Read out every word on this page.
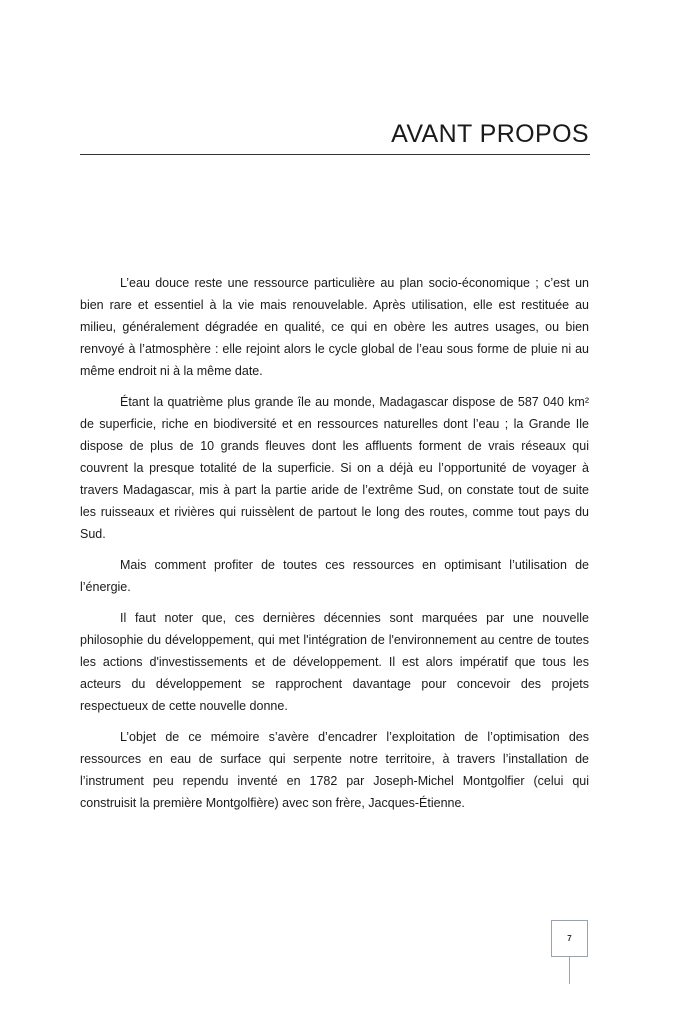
AVANT PROPOS

L’eau douce reste une ressource particulière au plan socio-économique ; c’est un bien rare et essentiel à la vie mais renouvelable. Après utilisation, elle est restituée au milieu, généralement dégradée en qualité, ce qui en obère les autres usages, ou bien renvoyé à l’atmosphère : elle rejoint alors le cycle global de l’eau sous forme de pluie ni au même endroit ni à la même date.

Étant la quatrième plus grande île au monde, Madagascar dispose de 587 040 km² de superficie, riche en biodiversité et en ressources naturelles dont l’eau ; la Grande Ile dispose de plus de 10 grands fleuves dont les affluents forment de vrais réseaux qui couvrent la presque totalité de la superficie. Si on a déjà eu l’opportunité de voyager à travers Madagascar, mis à part la partie aride de l’extrême Sud, on constate tout de suite les ruisseaux et rivières qui ruissèlent de partout le long des routes, comme tout pays du Sud.

Mais comment profiter de toutes ces ressources en optimisant l’utilisation de l’énergie.

Il faut noter que, ces dernières décennies sont marquées par une nouvelle philosophie du développement, qui met l'intégration de l'environnement au centre de toutes les actions d'investissements et de développement. Il est alors impératif que tous les acteurs du développement se rapprochent davantage pour concevoir des projets respectueux de cette nouvelle donne.

L’objet de ce mémoire s’avère d’encadrer l’exploitation de l’optimisation des ressources en eau de surface qui serpente notre territoire, à travers l’installation de l’instrument peu rependu inventé en 1782 par Joseph-Michel Montgolfier (celui qui construisit la première Montgolfière) avec son frère, Jacques-Étienne.

7
